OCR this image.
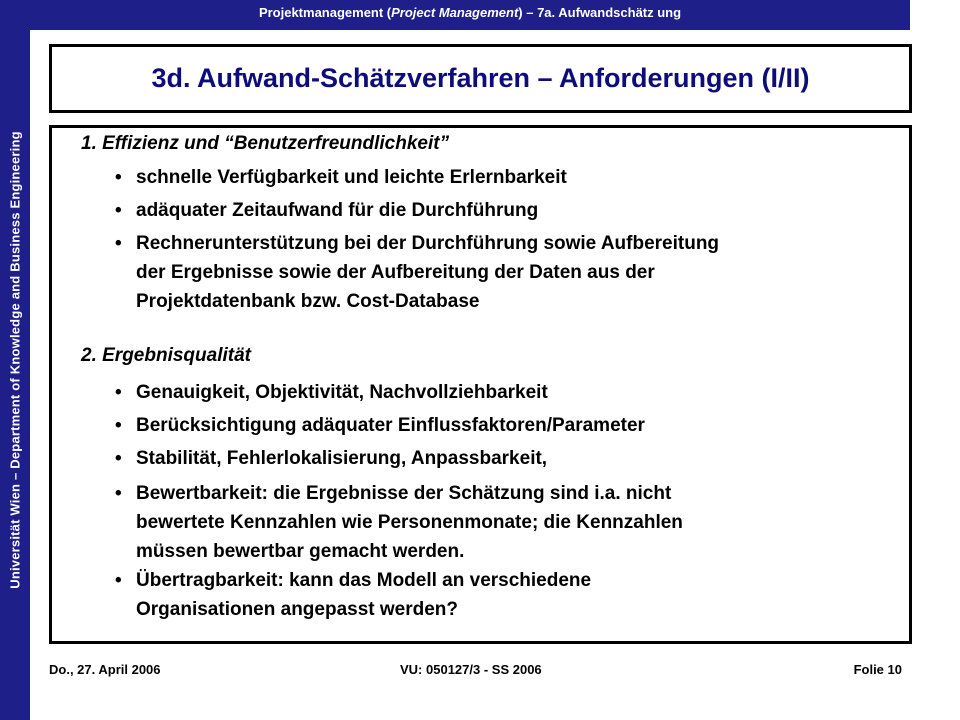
Universität Wien – Department of Knowledge and Business Engineering
Projektmanagement (Project Management) – 7a. Aufwandschätz ung
3d. Aufwand-Schätzverfahren – Anforderungen (I/II)
1. Effizienz und “Benutzerfreundlichkeit”
• schnelle Verfügbarkeit und leichte Erlernbarkeit
• adäquater Zeitaufwand für die Durchführung
• Rechnerunterstützung bei der Durchführung sowie Aufbereitung
der Ergebnisse sowie der Aufbereitung der Daten aus der
Projektdatenbank bzw. Cost-Database
2. Ergebnisqualität
• Genauigkeit, Objektivität, Nachvollziehbarkeit
• Berücksichtigung adäquater Einflussfaktoren/Parameter
• Stabilität, Fehlerlokalisierung, Anpassbarkeit,
• Bewertbarkeit: die Ergebnisse der Schätzung sind i.a. nicht
bewertete Kennzahlen wie Personenmonate; die Kennzahlen
müssen bewertbar gemacht werden.
• Übertragbarkeit: kann das Modell an verschiedene
Organisationen angepasst werden?
Do., 27. April 2006	VU: 050127/3 - SS 2006	Folie 10
